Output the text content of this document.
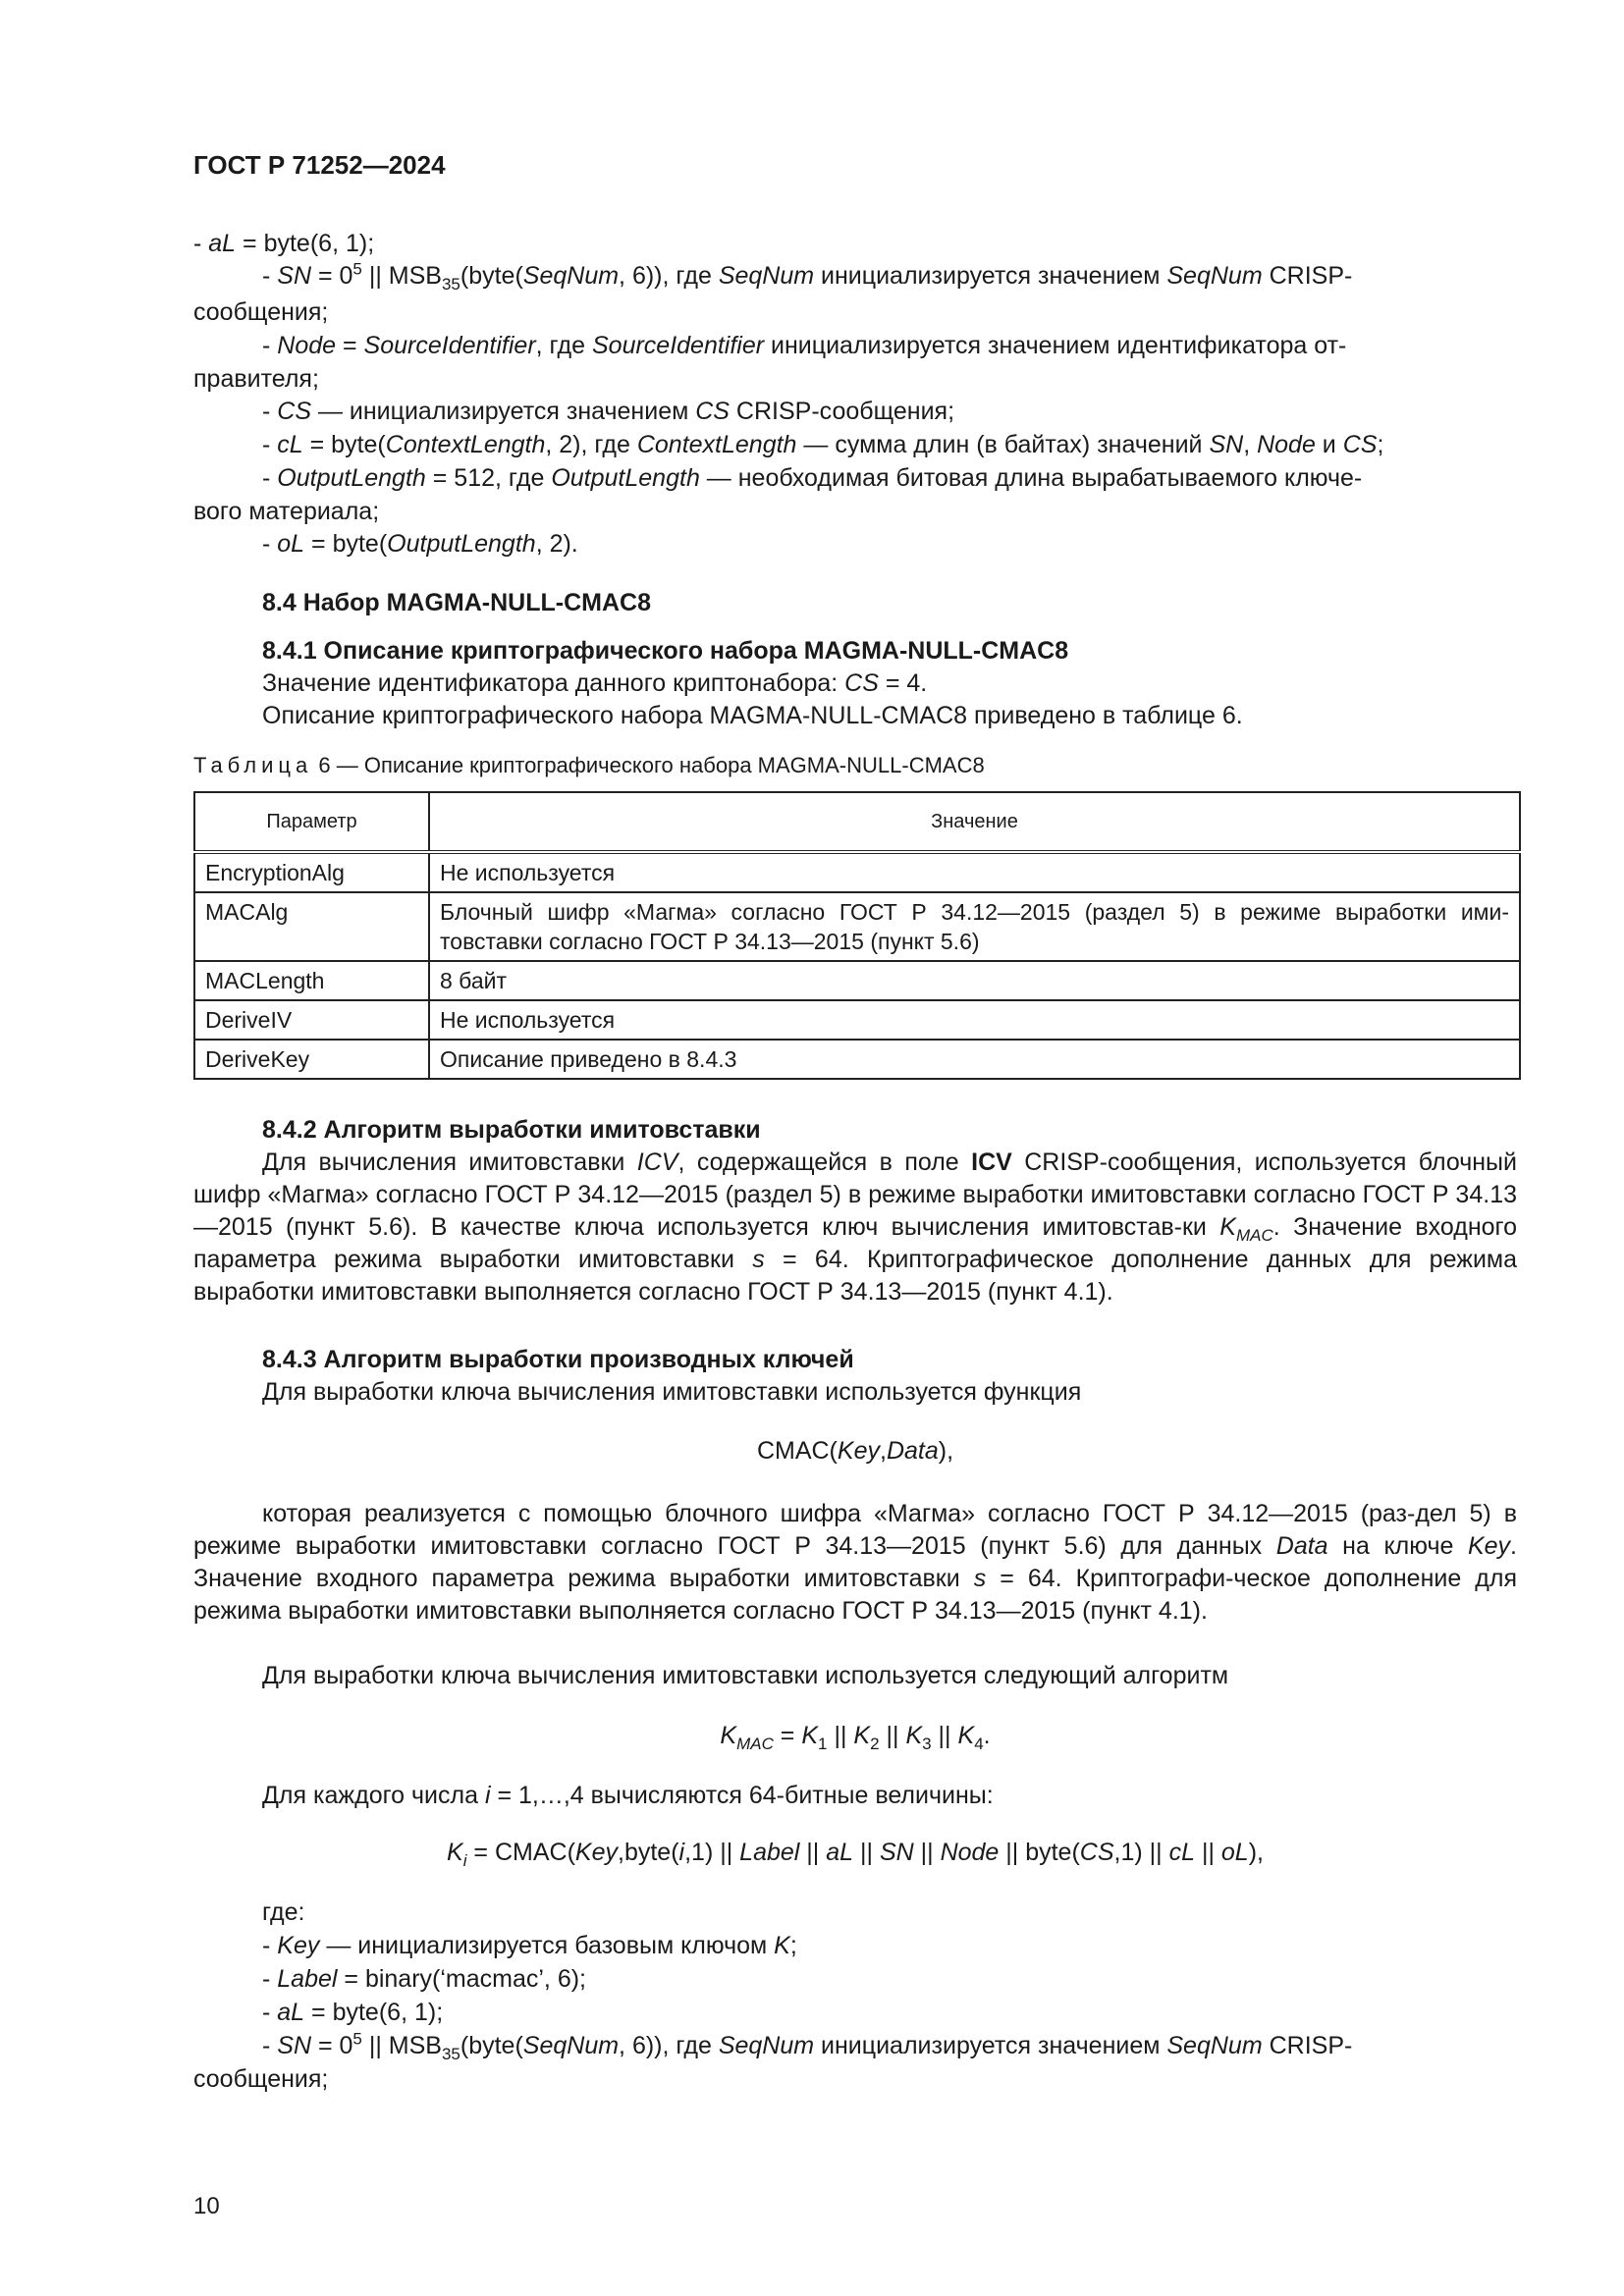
ГОСТ Р 71252—2024
- aL = byte(6, 1);
- SN = $0^5$ || $MSB_{35}(byte(SeqNum$, 6)), где SeqNum инициализируется значением SeqNum CRISP-
сообщения;
- Node = SourceIdentifier, где SourceIdentifier инициализируется значением идентификатора от-
правителя;
- CS — инициализируется значением CS CRISP-сообщения;
- cL = byte(ContextLength, 2), где ContextLength — сумма длин (в байтах) значений SN, Node и CS;
- OutputLength = 512, где OutputLength — необходимая битовая длина вырабатываемого ключе-
вого материала;
- oL = byte(OutputLength, 2).
8.4 Набор MAGMA-NULL-CMAC8
8.4.1 Описание криптографического набора MAGMA-NULL-CMAC8
Значение идентификатора данного криптонабора: CS = 4.
Описание криптографического набора MAGMA-NULL-CMAC8 приведено в таблице 6.
Таблица 6 — Описание криптографического набора MAGMA-NULL-CMAC8
Параметр	Значение
EncryptionAlg	Не используется
MACAlg	Блочный шифр «Магма» согласно ГОСТ Р 34.12—2015 (раздел 5) в режиме выработки ими-товставки согласно ГОСТ Р 34.13—2015 (пункт 5.6)
MACLength	8 байт
DeriveIV	Не используется
DeriveKey	Описание приведено в 8.4.3
8.4.2 Алгоритм выработки имитовставки
Для вычисления имитовставки ICV, содержащейся в поле ICV CRISP-сообщения, используется блочный шифр «Магма» согласно ГОСТ Р 34.12—2015 (раздел 5) в режиме выработки имитовставки согласно ГОСТ Р 34.13—2015 (пункт 5.6). В качестве ключа используется ключ вычисления имитовстав-ки $K_{MAC}$. Значение входного параметра режима выработки имитовставки s = 64. Криптографическое дополнение данных для режима выработки имитовставки выполняется согласно ГОСТ Р 34.13—2015 (пункт 4.1).
8.4.3 Алгоритм выработки производных ключей
Для выработки ключа вычисления имитовставки используется функция
CMAC(Key,Data),
которая реализуется с помощью блочного шифра «Магма» согласно ГОСТ Р 34.12—2015 (раз-дел 5) в режиме выработки имитовставки согласно ГОСТ Р 34.13—2015 (пункт 5.6) для данных Data на ключе Key. Значение входного параметра режима выработки имитовставки s = 64. Криптографи-ческое дополнение для режима выработки имитовставки выполняется согласно ГОСТ Р 34.13—2015 (пункт 4.1).
Для выработки ключа вычисления имитовставки используется следующий алгоритм
$K_{MAC} = K_1$ || $K_2$ || $K_3$ || $K_4$.
Для каждого числа i = 1,…,4 вычисляются 64-битные величины:
$K_i$ = CMAC(Key,byte(i,1) || Label || aL || SN || Node || byte(CS,1) || cL || oL),
где:
- Key — инициализируется базовым ключом K;
- Label = binary(‘macmac’, 6);
- aL = byte(6, 1);
- SN = $0^5$ || $MSB_{35}(byte(SeqNum$, 6)), где SeqNum инициализируется значением SeqNum CRISP-
сообщения;
10
